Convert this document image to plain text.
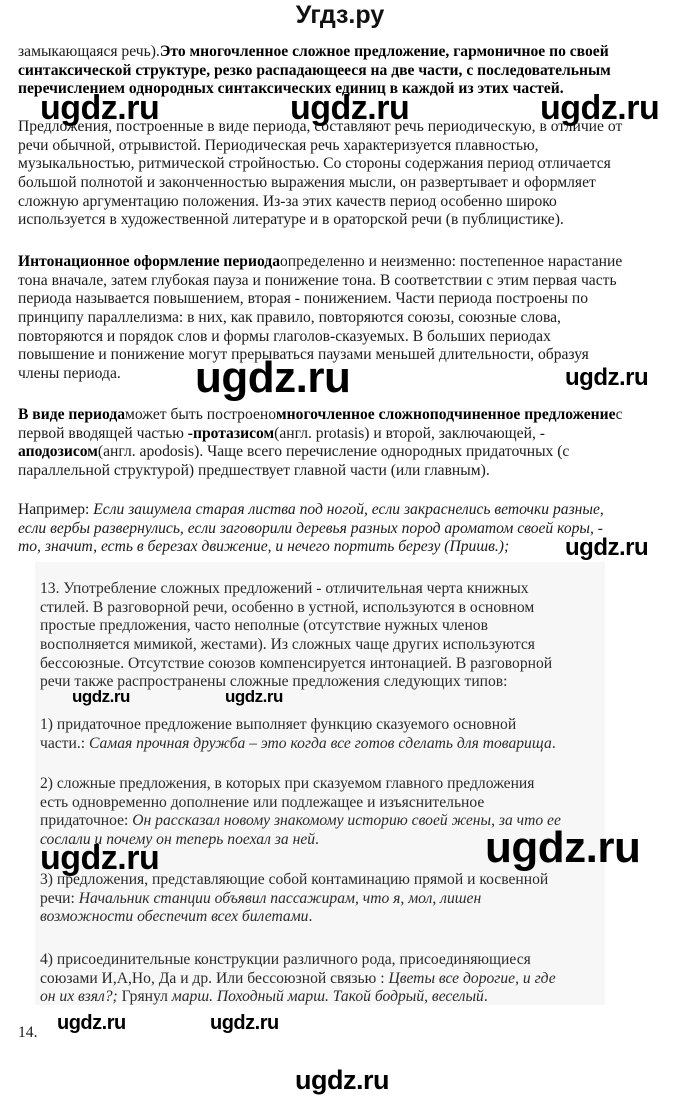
Угдз.ру
замыкающаяся речь).Это многочленное сложное предложение, гармоничное по своей
синтаксической структуре, резко распадающееся на две части, с последовательным
перечислением однородных синтаксических единиц в каждой из этих частей.
Предложения, построенные в виде периода, составляют речь периодическую, в отличие от
речи обычной, отрывистой. Периодическая речь характеризуется плавностью,
музыкальностью, ритмической стройностью. Со стороны содержания период отличается
большой полнотой и законченностью выражения мысли, он развертывает и оформляет
сложную аргументацию положения. Из-за этих качеств период особенно широко
используется в художественной литературе и в ораторской речи (в публицистике).
Интонационное оформление периодаопределенно и неизменно: постепенное нарастание
тона вначале, затем глубокая пауза и понижение тона. В соответствии с этим первая часть
периода называется повышением, вторая - понижением. Части периода построены по
принципу параллелизма: в них, как правило, повторяются союзы, союзные слова,
повторяются и порядок слов и формы глаголов-сказуемых. В больших периодах
повышение и понижение могут прерываться паузами меньшей длительности, образуя
члены периода.
В виде периодаможет быть построеномногочленное сложноподчиненное предложениес
первой вводящей частью -протазисом(англ. protasis) и второй, заключающей, -
аподозисом(англ. apodosis). Чаще всего перечисление однородных придаточных (с
параллельной структурой) предшествует главной части (или главным).
Например: Если зашумела старая листва под ногой, если закраснелись веточки разные,
если вербы развернулись, если заговорили деревья разных пород ароматом своей коры, -
то, значит, есть в березах движение, и нечего портить березу (Пришв.);
13. Употребление сложных предложений - отличительная черта книжных
стилей. В разговорной речи, особенно в устной, используются в основном
простые предложения, часто неполные (отсутствие нужных членов
восполняется мимикой, жестами). Из сложных чаще других используются
бессоюзные. Отсутствие союзов компенсируется интонацией. В разговорной
речи также распространены сложные предложения следующих типов:
1) придаточное предложение выполняет функцию сказуемого основной
части.: Самая прочная дружба – это когда все готов сделать для товарища.
2) сложные предложения, в которых при сказуемом главного предложения
есть одновременно дополнение или подлежащее и изъяснительное
придаточное: Он рассказал новому знакомому историю своей жены, за что ее
сослали и почему он теперь поехал за ней.
3) предложения, представляющие собой контаминацию прямой и косвенной
речи: Начальник станции объявил пассажирам, что я, мол, лишен
возможности обеспечит всех билетами.
4) присоединительные конструкции различного рода, присоединяющиеся
союзами И,А,Но, Да и др. Или бессоюзной связью : Цветы все дорогие, и где
он их взял?; Грянул марш. Походный марш. Такой бодрый, веселый.
14.
ugdz.ru	ugdz.ru	ugdz.ru
ugdz.ru	ugdz.ru
ugdz.ru
ugdz.ru	ugdz.ru
ugdz.ru
ugdz.ru
ugdz.ru	ugdz.ru
ugdz.ru
